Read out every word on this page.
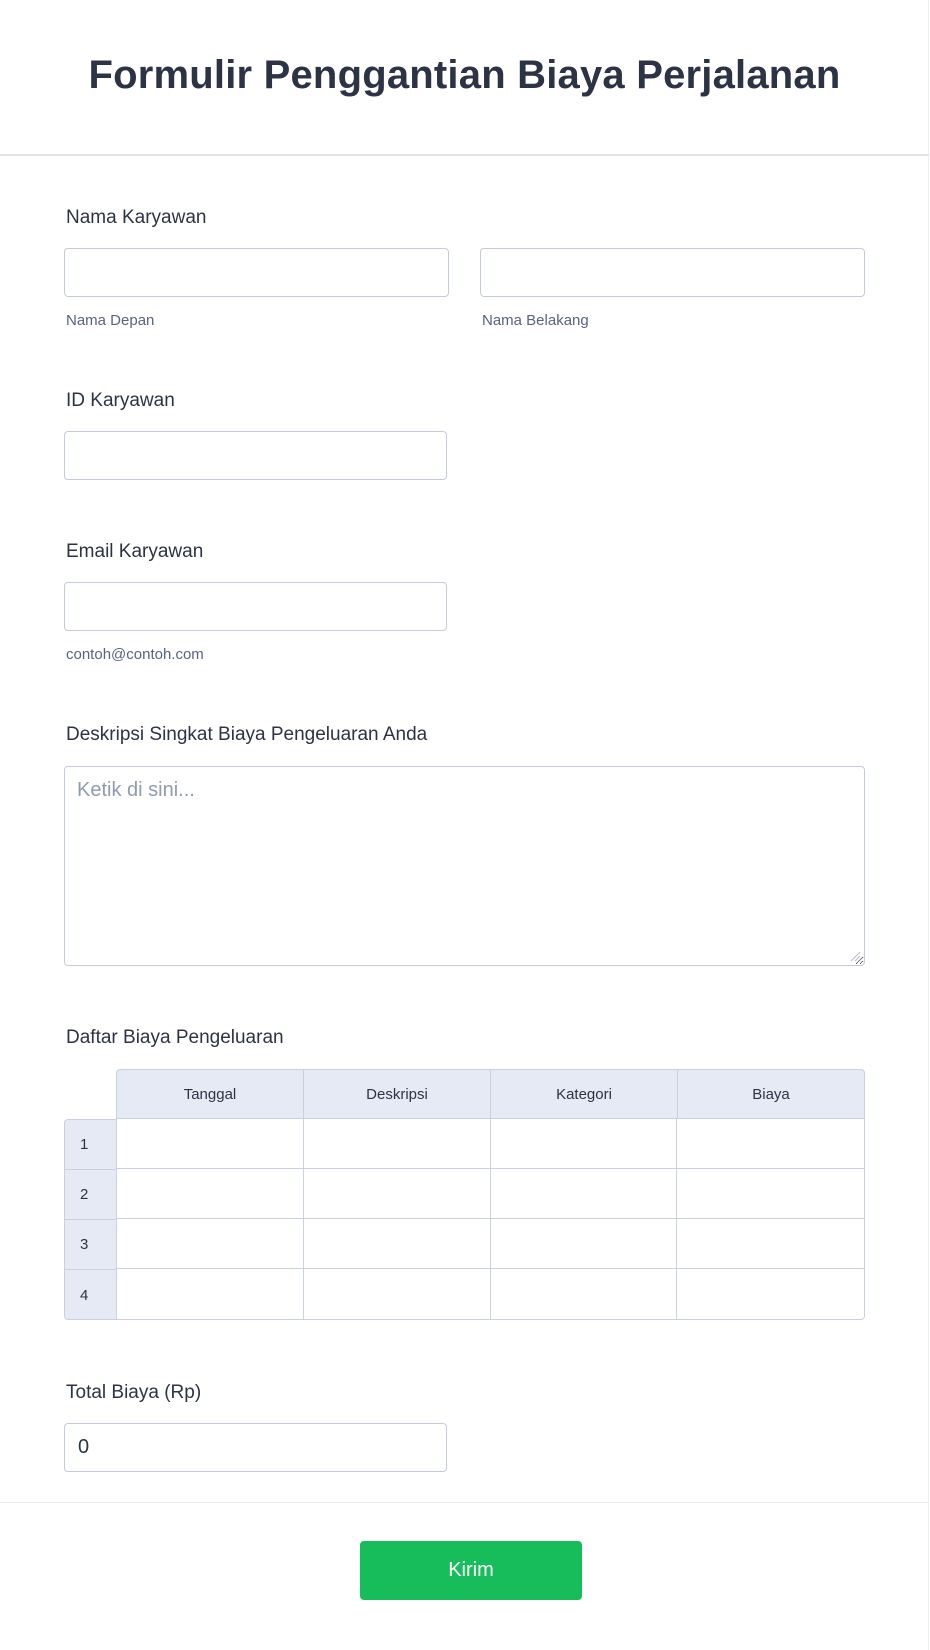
Formulir Penggantian Biaya Perjalanan
Nama Karyawan
Nama Depan	Nama Belakang
ID Karyawan
Email Karyawan
contoh@contoh.com
Deskripsi Singkat Biaya Pengeluaran Anda
Ketik di sini...
Daftar Biaya Pengeluaran
Tanggal	Deskripsi	Kategori	Biaya
1
2
3
4
Total Biaya (Rp)
0
Kirim
